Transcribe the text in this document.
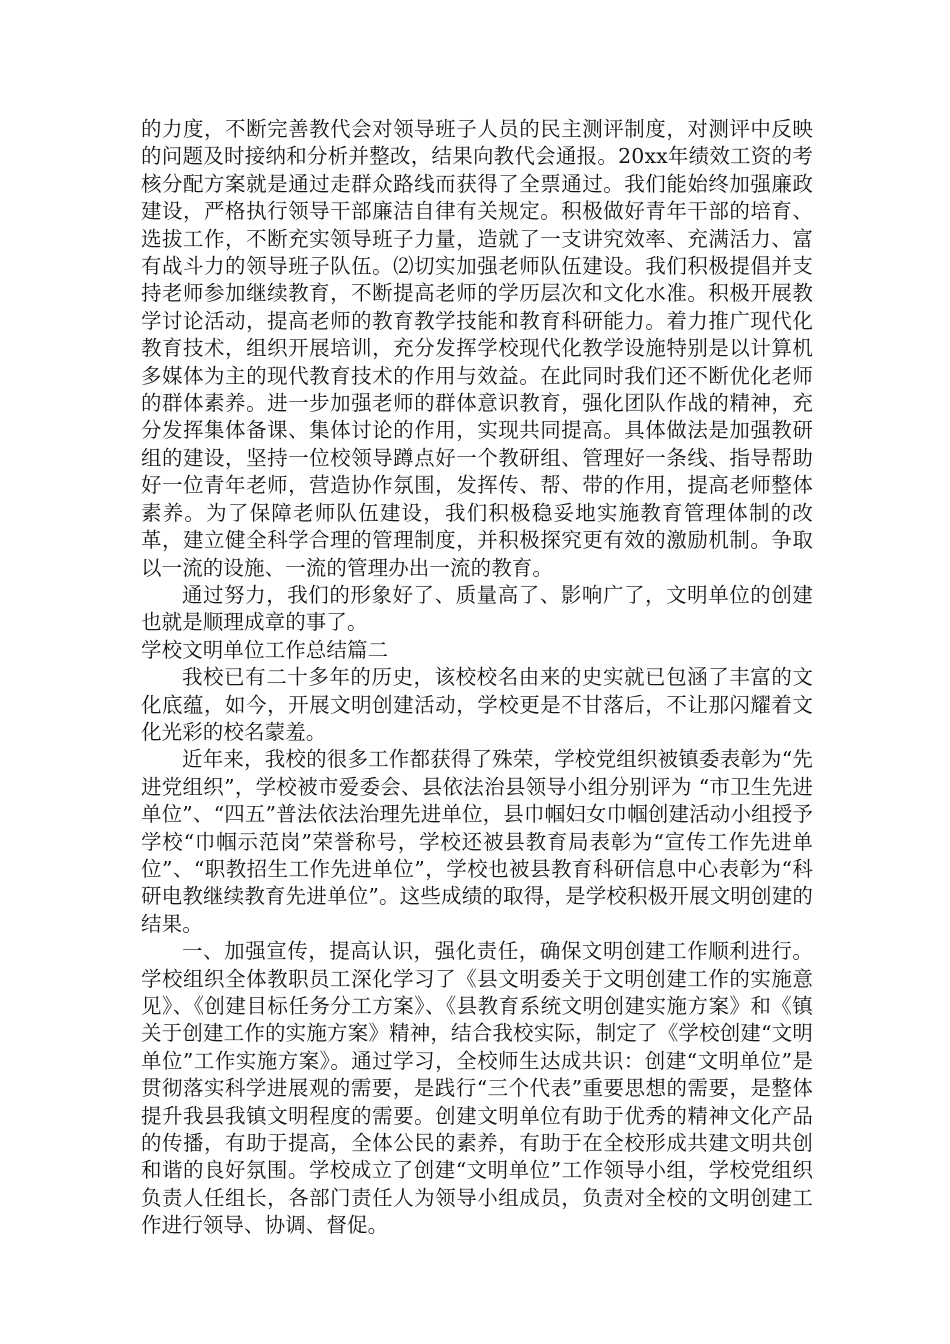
的力度，不断完善教代会对领导班子人员的民主测评制度，对测评中反映的问题及时接纳和分析并整改，结果向教代会通报。20xx年绩效工资的考核分配方案就是通过走群众路线而获得了全票通过。我们能始终加强廉政建设，严格执行领导干部廉洁自律有关规定。积极做好青年干部的培育、选拔工作，不断充实领导班子力量，造就了一支讲究效率、充满活力、富有战斗力的领导班子队伍。⑵切实加强老师队伍建设。我们积极提倡并支持老师参加继续教育，不断提高老师的学历层次和文化水准。积极开展教学讨论活动，提高老师的教育教学技能和教育科研能力。着力推广现代化教育技术，组织开展培训，充分发挥学校现代化教学设施特别是以计算机多媒体为主的现代教育技术的作用与效益。在此同时我们还不断优化老师的群体素养。进一步加强老师的群体意识教育，强化团队作战的精神，充分发挥集体备课、集体讨论的作用，实现共同提高。具体做法是加强教研组的建设，坚持一位校领导蹲点好一个教研组、管理好一条线、指导帮助好一位青年老师，营造协作氛围，发挥传、帮、带的作用，提高老师整体素养。为了保障老师队伍建设，我们积极稳妥地实施教育管理体制的改革，建立健全科学合理的管理制度，并积极探究更有效的激励机制。争取以一流的设施、一流的管理办出一流的教育。

通过努力，我们的形象好了、质量高了、影响广了，文明单位的创建也就是顺理成章的事了。

学校文明单位工作总结篇二

我校已有二十多年的历史，该校校名由来的史实就已包涵了丰富的文化底蕴，如今，开展文明创建活动，学校更是不甘落后，不让那闪耀着文化光彩的校名蒙羞。

近年来，我校的很多工作都获得了殊荣，学校党组织被镇委表彰为“先进党组织”，学校被市爱委会、县依法治县领导小组分别评为 “市卫生先进单位”、“四五”普法依法治理先进单位，县巾帼妇女巾帼创建活动小组授予学校“巾帼示范岗”荣誉称号，学校还被县教育局表彰为“宣传工作先进单位”、“职教招生工作先进单位”，学校也被县教育科研信息中心表彰为“科研电教继续教育先进单位”。这些成绩的取得，是学校积极开展文明创建的结果。

一、加强宣传，提高认识，强化责任，确保文明创建工作顺利进行。学校组织全体教职员工深化学习了《县文明委关于文明创建工作的实施意见》、《创建目标任务分工方案》、《县教育系统文明创建实施方案》和《镇关于创建工作的实施方案》精神，结合我校实际，制定了《学校创建“文明单位”工作实施方案》。通过学习，全校师生达成共识：创建“文明单位”是贯彻落实科学进展观的需要，是践行“三个代表”重要思想的需要，是整体提升我县我镇文明程度的需要。创建文明单位有助于优秀的精神文化产品的传播，有助于提高，全体公民的素养，有助于在全校形成共建文明共创和谐的良好氛围。学校成立了创建“文明单位”工作领导小组，学校党组织负责人任组长，各部门责任人为领导小组成员，负责对全校的文明创建工作进行领导、协调、督促。
